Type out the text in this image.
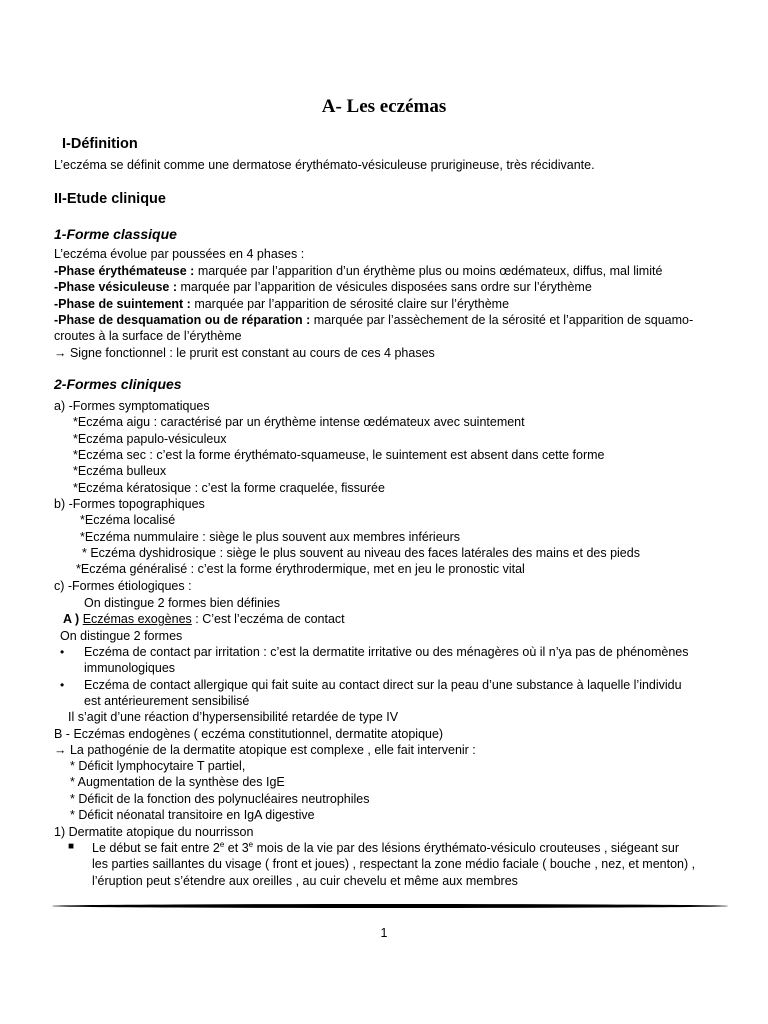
A- Les eczémas
I-Définition
L’eczéma se définit comme une dermatose érythémato-vésiculeuse prurigineuse, très récidivante.
II-Etude clinique
1-Forme classique
L’eczéma évolue par poussées en 4 phases :
-Phase érythémateuse : marquée par l’apparition d’un érythème plus ou moins œdémateux, diffus, mal limité
-Phase vésiculeuse : marquée par l’apparition de vésicules disposées sans ordre sur l’érythème
-Phase de suintement : marquée par l’apparition de sérosité claire sur l’érythème
-Phase de desquamation ou de réparation : marquée par l’assèchement de la sérosité et l’apparition de squamo-
croutes à la surface de l’érythème
→ Signe fonctionnel : le prurit est constant au cours de ces 4 phases
2-Formes cliniques
a) -Formes symptomatiques
*Eczéma aigu : caractérisé par un érythème intense œdémateux avec suintement
*Eczéma papulo-vésiculeux
*Eczéma sec : c’est la forme érythémato-squameuse, le suintement est absent dans cette forme
*Eczéma bulleux
*Eczéma kératosique : c’est la forme craquelée, fissurée
b) -Formes topographiques
*Eczéma localisé
*Eczéma nummulaire : siège le plus souvent aux membres inférieurs
* Eczéma dyshidrosique : siège le plus souvent au niveau des faces latérales des mains et des pieds
*Eczéma généralisé : c’est la forme érythrodermique, met en jeu le pronostic vital
c) -Formes étiologiques :
On distingue 2 formes bien définies
A ) Eczémas exogènes : C’est l’eczéma de contact
On distingue 2 formes
• Eczéma de contact par irritation : c’est la dermatite irritative ou des ménagères où il n’ya pas de phénomènes
immunologiques
• Eczéma de contact allergique qui fait suite au contact direct sur la peau d’une substance à laquelle l’individu
est antérieurement sensibilisé
Il s’agit d’une réaction d’hypersensibilité retardée de type IV
B - Eczémas endogènes ( eczéma constitutionnel, dermatite atopique)
→ La pathogénie de la dermatite atopique est complexe , elle fait intervenir :
* Déficit lymphocytaire T partiel,
* Augmentation de la synthèse des IgE
* Déficit de la fonction des polynucléaires neutrophiles
* Déficit néonatal transitoire en IgA digestive
1) Dermatite atopique du nourrisson
■ Le début se fait entre 2e et 3e mois de la vie par des lésions érythémato-vésiculo crouteuses , siégeant sur
les parties saillantes du visage ( front et joues) , respectant la zone médio faciale ( bouche , nez, et menton) ,
l’éruption peut s’étendre aux oreilles , au cuir chevelu et même aux membres
1
